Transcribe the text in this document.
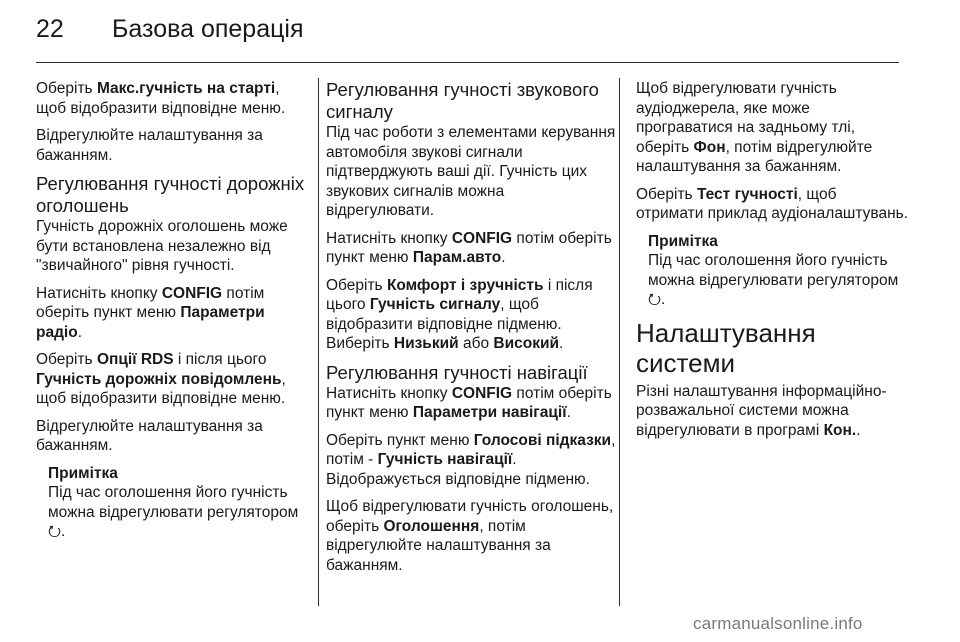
22 Базова операція

Оберіть Макс.гучність на старті, щоб відобразити відповідне меню.

Відрегулюйте налаштування за бажанням.

Регулювання гучності дорожніх оголошень

Гучність дорожніх оголошень може бути встановлена незалежно від "звичайного" рівня гучності.

Натисніть кнопку CONFIG потім оберіть пункт меню Параметри радіо.

Оберіть Опції RDS і після цього Гучність дорожніх повідомлень, щоб відобразити відповідне меню.

Відрегулюйте налаштування за бажанням.

Примітка
Під час оголошення його гучність можна відрегулювати регулятором ⭮.
Регулювання гучності звукового сигналу

Під час роботи з елементами керування автомобіля звукові сигнали підтверджують ваші дії. Гучність цих звукових сигналів можна відрегулювати.

Натисніть кнопку CONFIG потім оберіть пункт меню Парам.авто.

Оберіть Комфорт і зручність і після цього Гучність сигналу, щоб відобразити відповідне підменю. Виберіть Низький або Високий.

Регулювання гучності навігації

Натисніть кнопку CONFIG потім оберіть пункт меню Параметри навігації.

Оберіть пункт меню Голосові підказки, потім - Гучність навігації. Відображується відповідне підменю.

Щоб відрегулювати гучність оголошень, оберіть Оголошення, потім відрегулюйте налаштування за бажанням.

Щоб відрегулювати гучність аудіоджерела, яке може програватися на задньому тлі, оберіть Фон, потім відрегулюйте налаштування за бажанням.

Оберіть Тест гучності, щоб отримати приклад аудіоналаштувань.

Примітка
Під час оголошення його гучність можна відрегулювати регулятором ⭮.
Налаштування системи

Різні налаштування інформаційно-розважальної системи можна відрегулювати в програмі Кон..

carmanualsonline.info
